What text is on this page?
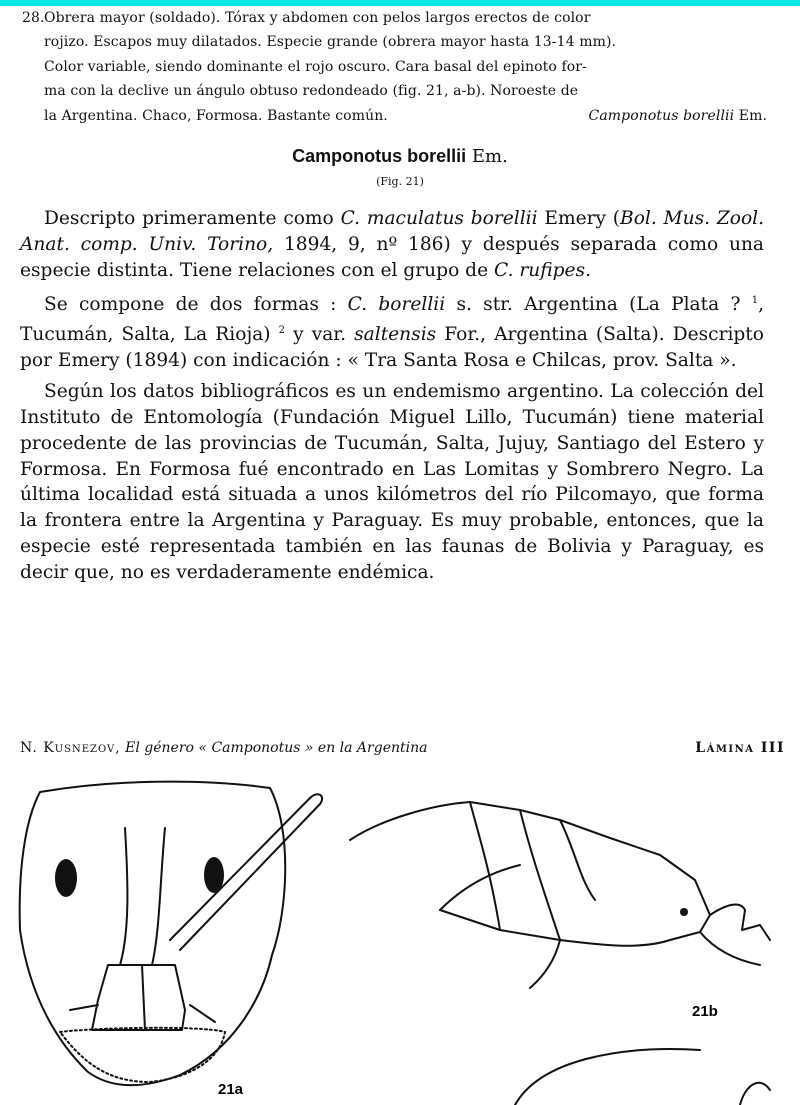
28. Obrera mayor (soldado). Tórax y abdomen con pelos largos erectos de color
rojizo. Escapos muy dilatados. Especie grande (obrera mayor hasta 13-14 mm).
Color variable, siendo dominante el rojo oscuro. Cara basal del epinoto for-
ma con la declive un ángulo obtuso redondeado (fig. 21, a-b). Noroeste de
la Argentina. Chaco, Formosa. Bastante común.	Camponotus borellii Em.
Camponotus borellii Em.
(Fig. 21)

Descripto primeramente como C. maculatus borellii Emery (Bol. Mus. Zool. Anat. comp. Univ. Torino, 1894, 9, nº 186) y después separada como una especie distinta. Tiene relaciones con el grupo de C. rufipes.

Se compone de dos formas : C. borellii s. str. Argentina (La Plata ? $^1$, Tucumán, Salta, La Rioja) $^2$ y var. saltensis For., Argentina (Salta). Descripto por Emery (1894) con indicación : « Tra Santa Rosa e Chilcas, prov. Salta ».

Según los datos bibliográficos es un endemismo argentino. La colección del Instituto de Entomología (Fundación Miguel Lillo, Tucumán) tiene material procedente de las provincias de Tucumán, Salta, Jujuy, Santiago del Estero y Formosa. En Formosa fué encontrado en Las Lomitas y Sombrero Negro. La última localidad está situada a unos kilómetros del río Pilcomayo, que forma la frontera entre la Argentina y Paraguay. Es muy probable, entonces, que la especie esté representada también en las faunas de Bolivia y Paraguay, es decir que, no es verdaderamente endémica.

N. Kusnezov, El género « Camponotus » en la Argentina	Lámina III
21a
21b
